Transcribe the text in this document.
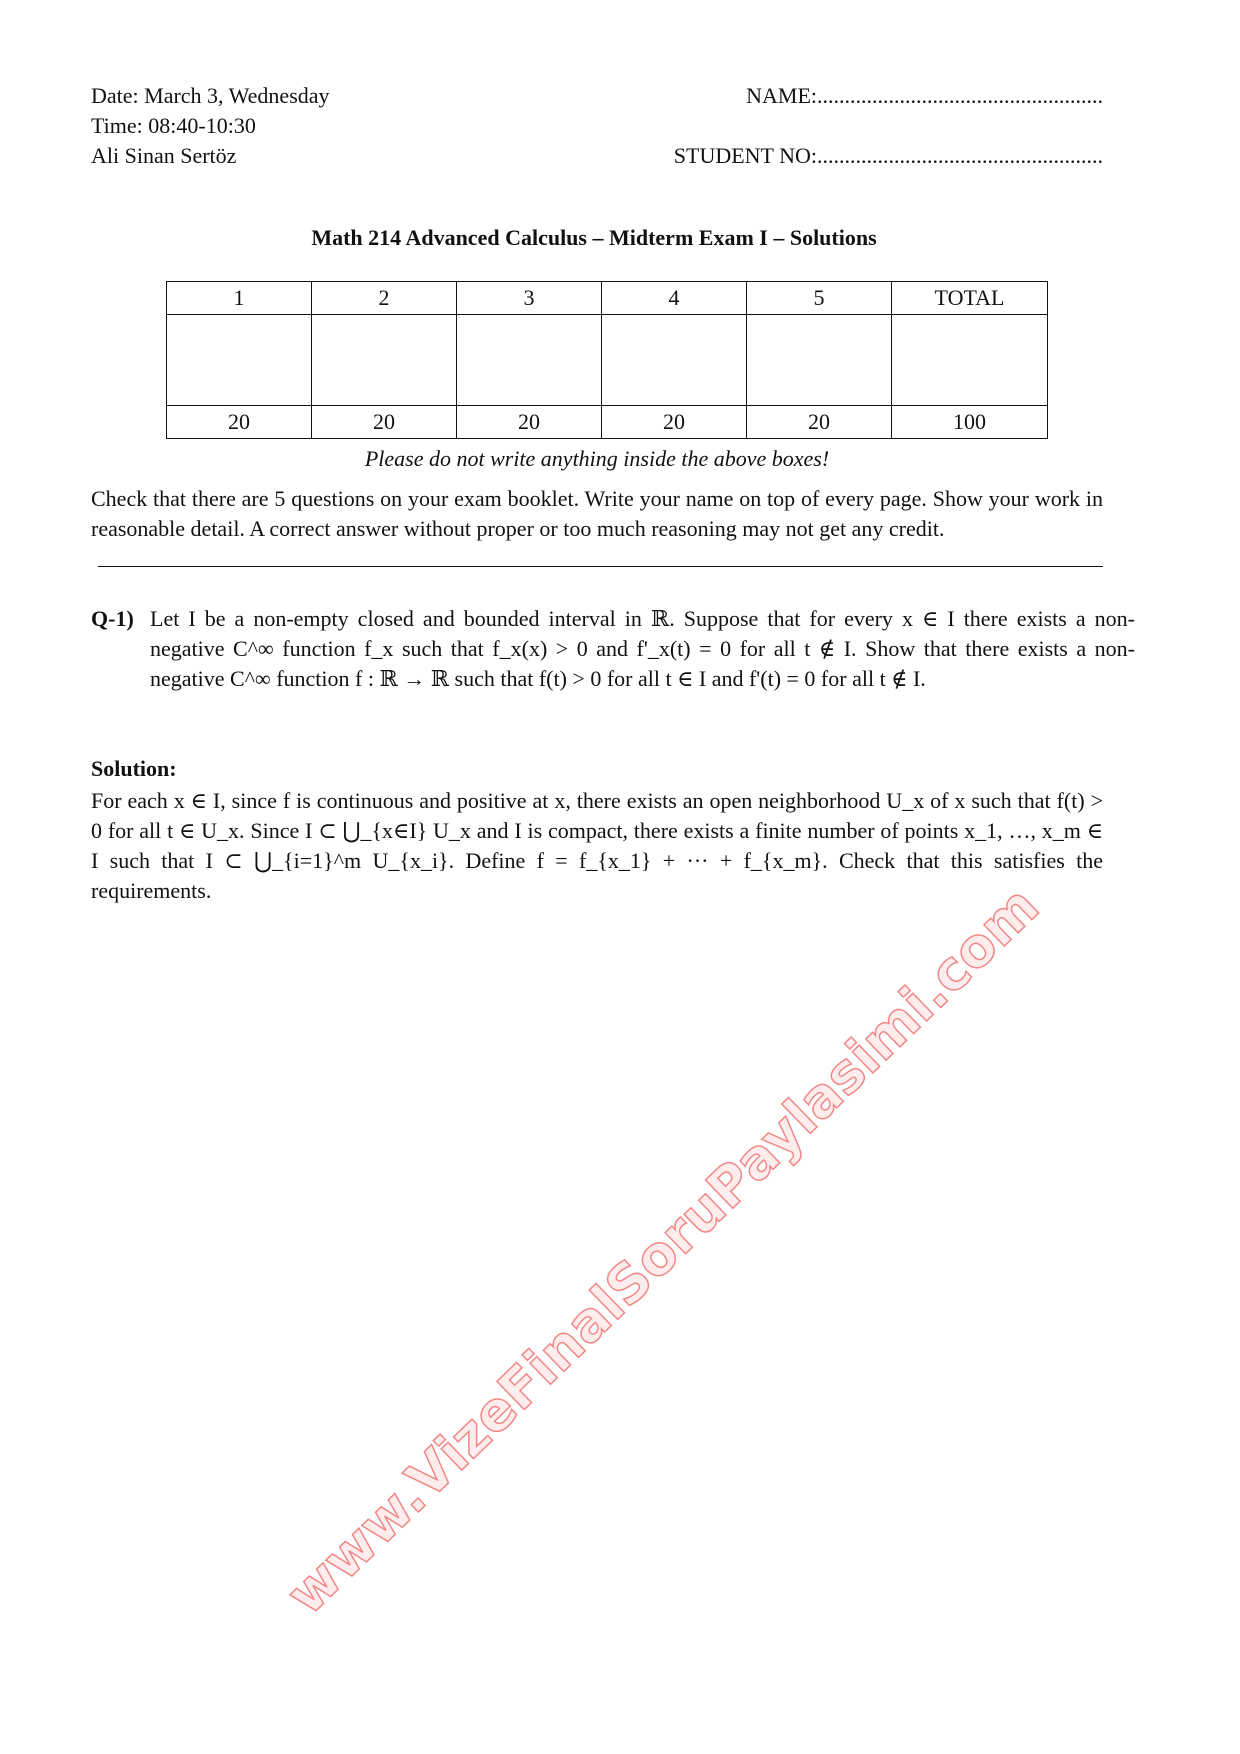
Date: March 3, Wednesday
Time: 08:40-10:30
Ali Sinan Sertöz
NAME:....................................................
STUDENT NO:....................................................
Math 214 Advanced Calculus – Midterm Exam I – Solutions
1	2	3	4	5	TOTAL

20	20	20	20	20	100
Please do not write anything inside the above boxes!
Check that there are 5 questions on your exam booklet. Write your name on top of every page. Show your work in reasonable detail. A correct answer without proper or too much reasoning may not get any credit.
Q-1) Let I be a non-empty closed and bounded interval in ℝ. Suppose that for every x ∈ I there exists a non-negative C^∞ function f_x such that f_x(x) > 0 and f'_x(t) = 0 for all t ∉ I. Show that there exists a non-negative C^∞ function f : ℝ → ℝ such that f(t) > 0 for all t ∈ I and f'(t) = 0 for all t ∉ I.
Solution:
For each x ∈ I, since f is continuous and positive at x, there exists an open neighborhood U_x of x such that f(t) > 0 for all t ∈ U_x. Since I ⊂ ⋃_{x∈I} U_x and I is compact, there exists a finite number of points x_1, …, x_m ∈ I such that I ⊂ ⋃_{i=1}^m U_{x_i}. Define f = f_{x_1} + ··· + f_{x_m}. Check that this satisfies the requirements.	www.VizeFinalSoruPaylasimi.com
